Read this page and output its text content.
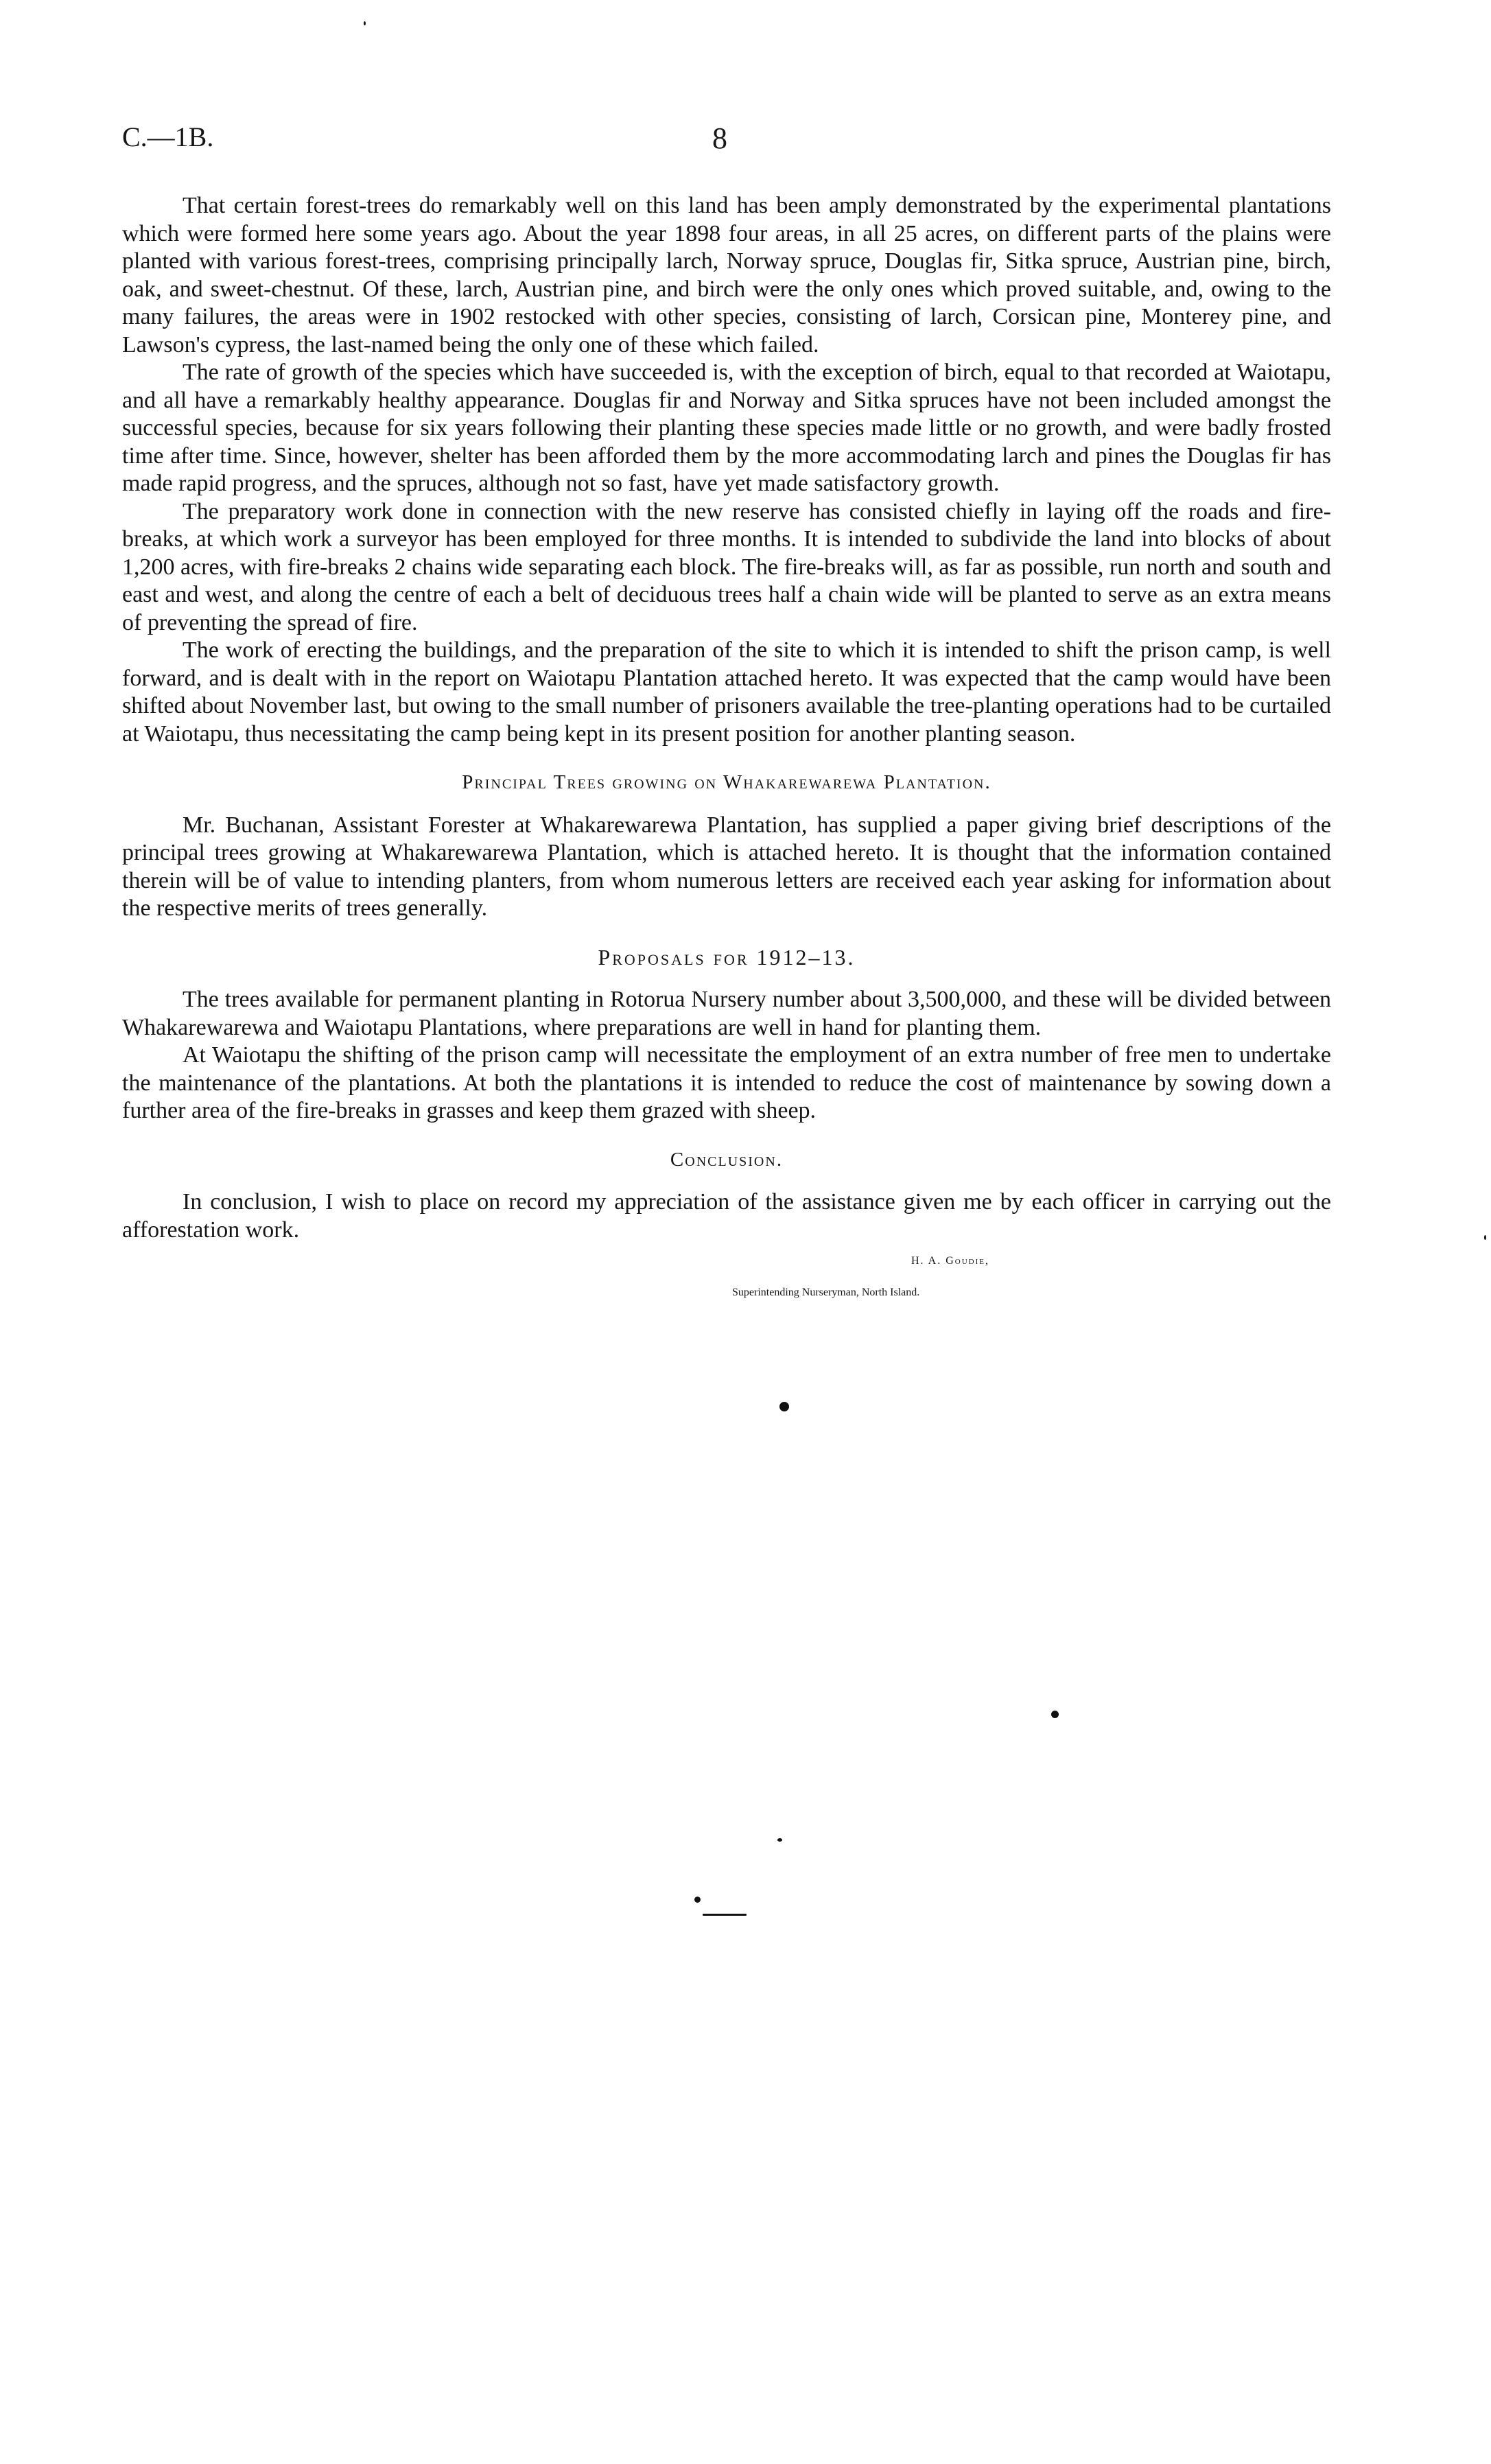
C.—1B.	8

That certain forest-trees do remarkably well on this land has been amply demonstrated by the experimental plantations which were formed here some years ago. About the year 1898 four areas, in all 25 acres, on different parts of the plains were planted with various forest-trees, comprising principally larch, Norway spruce, Douglas fir, Sitka spruce, Austrian pine, birch, oak, and sweet-chestnut. Of these, larch, Austrian pine, and birch were the only ones which proved suitable, and, owing to the many failures, the areas were in 1902 restocked with other species, consisting of larch, Corsican pine, Monterey pine, and Lawson's cypress, the last-named being the only one of these which failed.

The rate of growth of the species which have succeeded is, with the exception of birch, equal to that recorded at Waiotapu, and all have a remarkably healthy appearance. Douglas fir and Norway and Sitka spruces have not been included amongst the successful species, because for six years following their planting these species made little or no growth, and were badly frosted time after time. Since, however, shelter has been afforded them by the more accommodating larch and pines the Douglas fir has made rapid progress, and the spruces, although not so fast, have yet made satisfactory growth.

The preparatory work done in connection with the new reserve has consisted chiefly in laying off the roads and fire-breaks, at which work a surveyor has been employed for three months. It is intended to subdivide the land into blocks of about 1,200 acres, with fire-breaks 2 chains wide separating each block. The fire-breaks will, as far as possible, run north and south and east and west, and along the centre of each a belt of deciduous trees half a chain wide will be planted to serve as an extra means of preventing the spread of fire.

The work of erecting the buildings, and the preparation of the site to which it is intended to shift the prison camp, is well forward, and is dealt with in the report on Waiotapu Plantation attached hereto. It was expected that the camp would have been shifted about November last, but owing to the small number of prisoners available the tree-planting operations had to be curtailed at Waiotapu, thus necessitating the camp being kept in its present position for another planting season.

Principal Trees growing on Whakarewarewa Plantation.

Mr. Buchanan, Assistant Forester at Whakarewarewa Plantation, has supplied a paper giving brief descriptions of the principal trees growing at Whakarewarewa Plantation, which is attached hereto. It is thought that the information contained therein will be of value to intending planters, from whom numerous letters are received each year asking for information about the respective merits of trees generally.

Proposals for 1912–13.

The trees available for permanent planting in Rotorua Nursery number about 3,500,000, and these will be divided between Whakarewarewa and Waiotapu Plantations, where preparations are well in hand for planting them.

At Waiotapu the shifting of the prison camp will necessitate the employment of an extra number of free men to undertake the maintenance of the plantations. At both the plantations it is intended to reduce the cost of maintenance by sowing down a further area of the fire-breaks in grasses and keep them grazed with sheep.

Conclusion.

In conclusion, I wish to place on record my appreciation of the assistance given me by each officer in carrying out the afforestation work.

H. A. Goudie,
Superintending Nurseryman, North Island.
